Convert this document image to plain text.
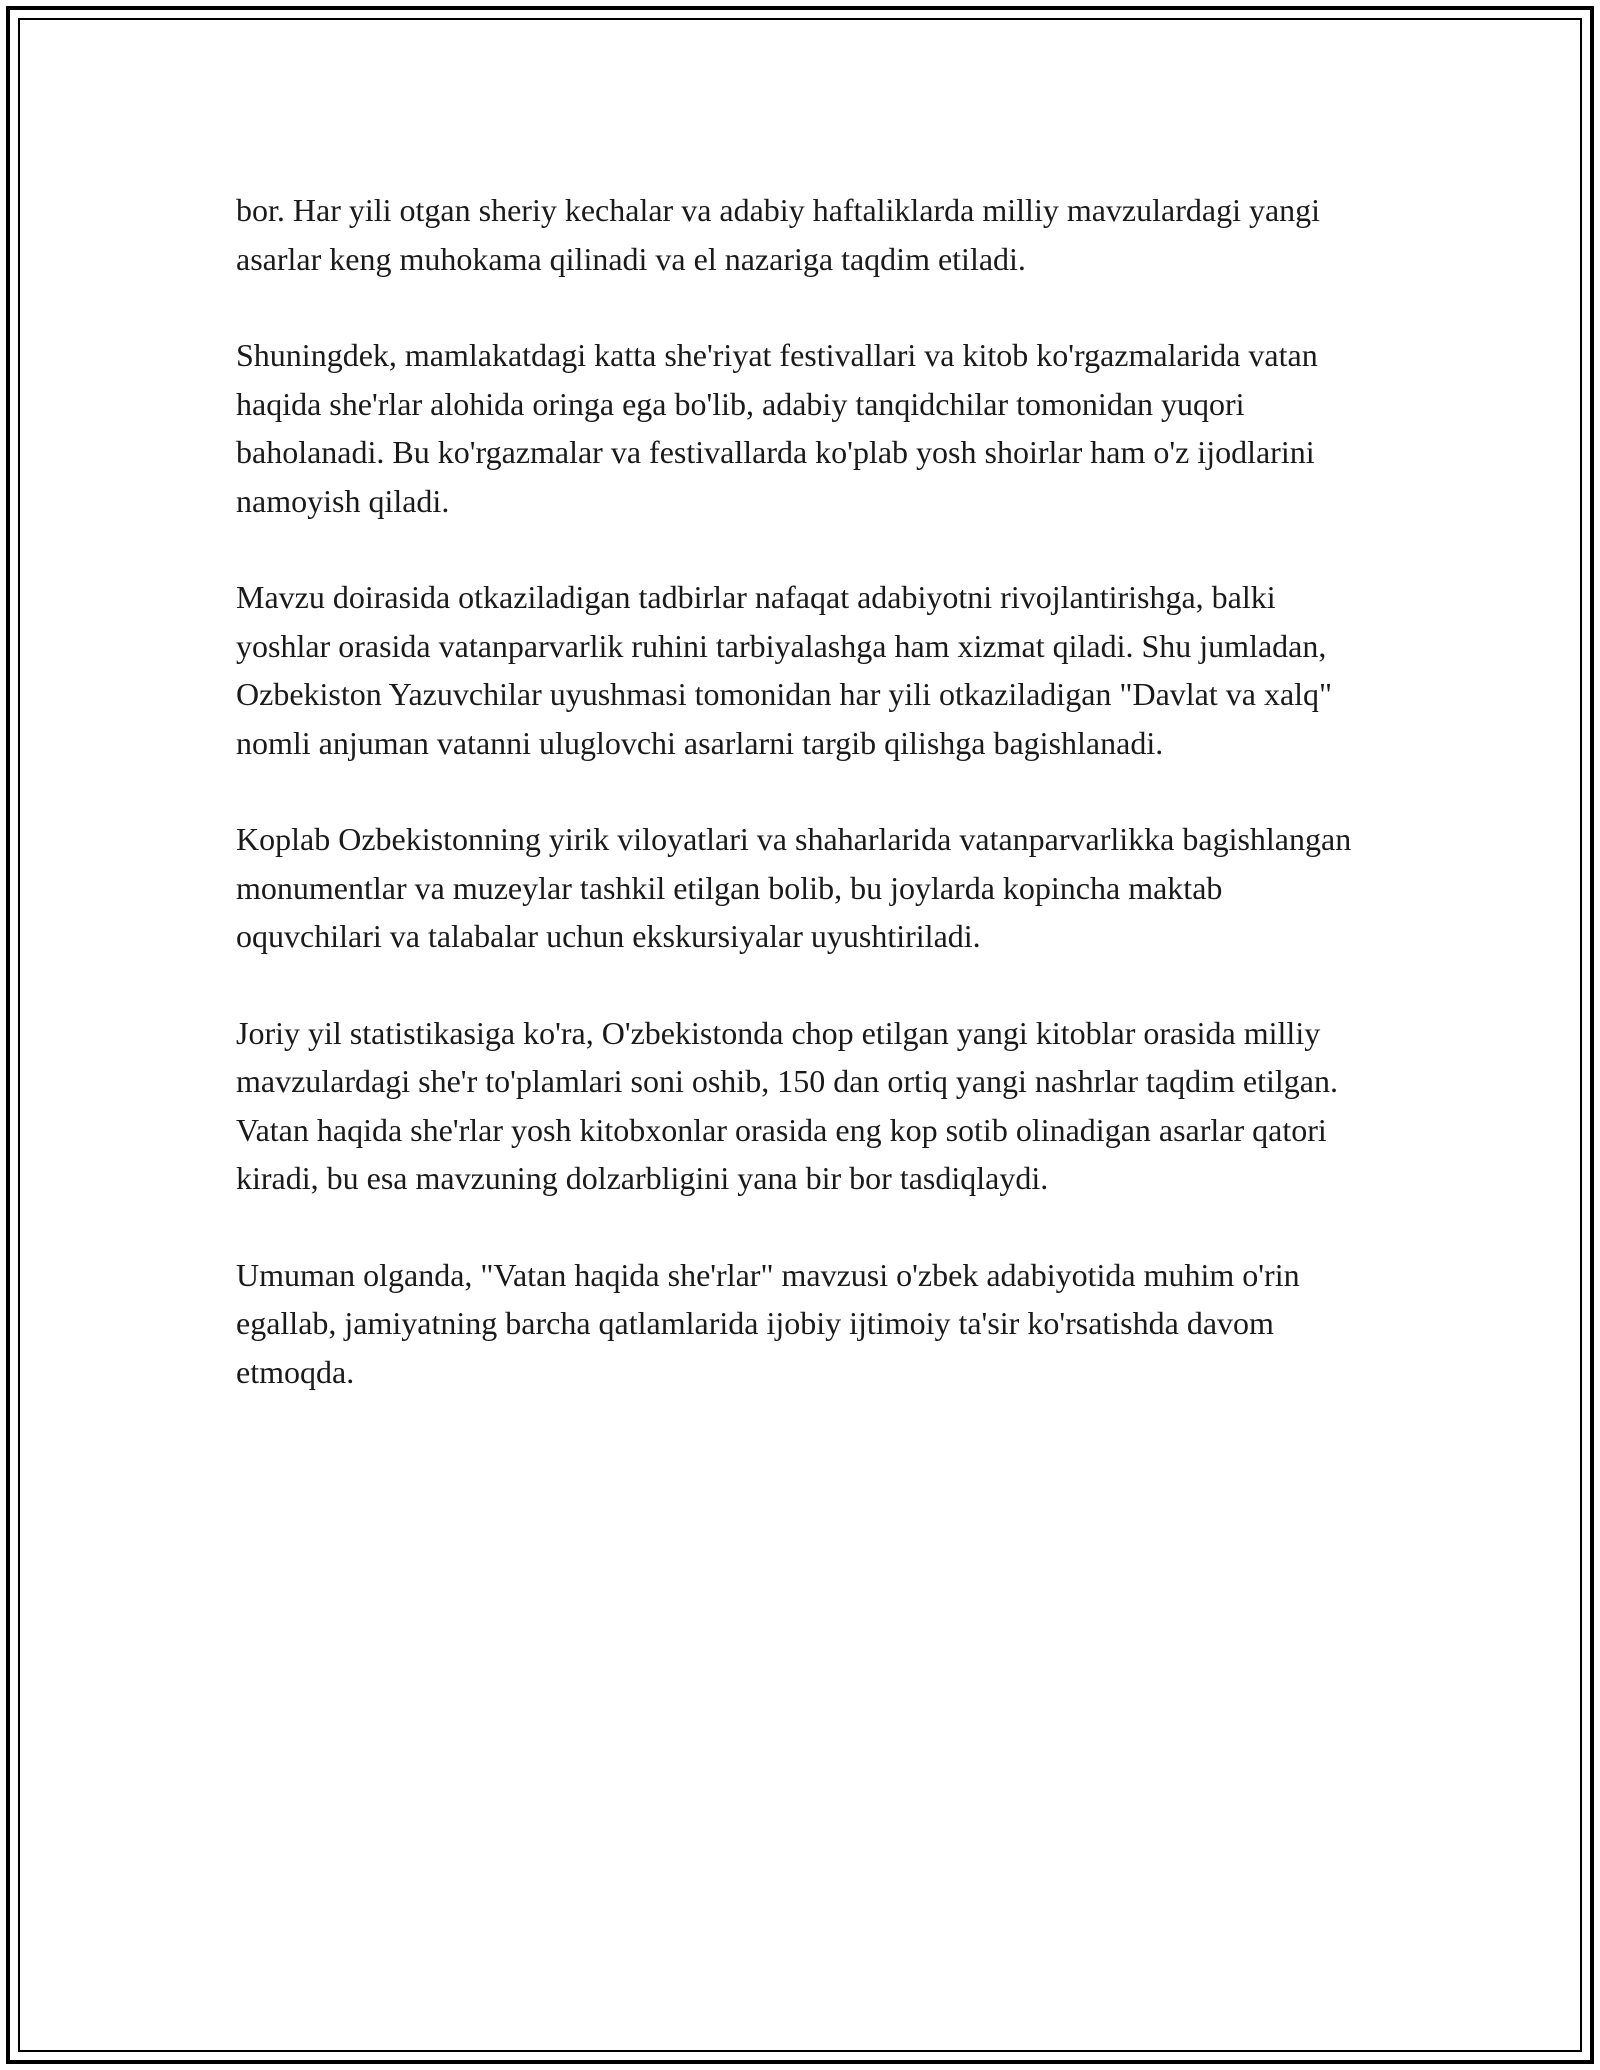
bor. Har yili otgan sheriy kechalar va adabiy haftaliklarda milliy mavzulardagi yangi asarlar keng muhokama qilinadi va el nazariga taqdim etiladi.

Shuningdek, mamlakatdagi katta she'riyat festivallari va kitob ko'rgazmalarida vatan haqida she'rlar alohida oringa ega bo'lib, adabiy tanqidchilar tomonidan yuqori baholanadi. Bu ko'rgazmalar va festivallarda ko'plab yosh shoirlar ham o'z ijodlarini namoyish qiladi.

Mavzu doirasida otkaziladigan tadbirlar nafaqat adabiyotni rivojlantirishga, balki yoshlar orasida vatanparvarlik ruhini tarbiyalashga ham xizmat qiladi. Shu jumladan, Ozbekiston Yazuvchilar uyushmasi tomonidan har yili otkaziladigan "Davlat va xalq" nomli anjuman vatanni uluglovchi asarlarni targib qilishga bagishlanadi.

Koplab Ozbekistonning yirik viloyatlari va shaharlarida vatanparvarlikka bagishlangan monumentlar va muzeylar tashkil etilgan bolib, bu joylarda kopincha maktab oquvchilari va talabalar uchun ekskursiyalar uyushtiriladi.

Joriy yil statistikasiga ko'ra, O'zbekistonda chop etilgan yangi kitoblar orasida milliy mavzulardagi she'r to'plamlari soni oshib, 150 dan ortiq yangi nashrlar taqdim etilgan. Vatan haqida she'rlar yosh kitobxonlar orasida eng kop sotib olinadigan asarlar qatori kiradi, bu esa mavzuning dolzarbligini yana bir bor tasdiqlaydi.

Umuman olganda, "Vatan haqida she'rlar" mavzusi o'zbek adabiyotida muhim o'rin egallab, jamiyatning barcha qatlamlarida ijobiy ijtimoiy ta'sir ko'rsatishda davom etmoqda.
